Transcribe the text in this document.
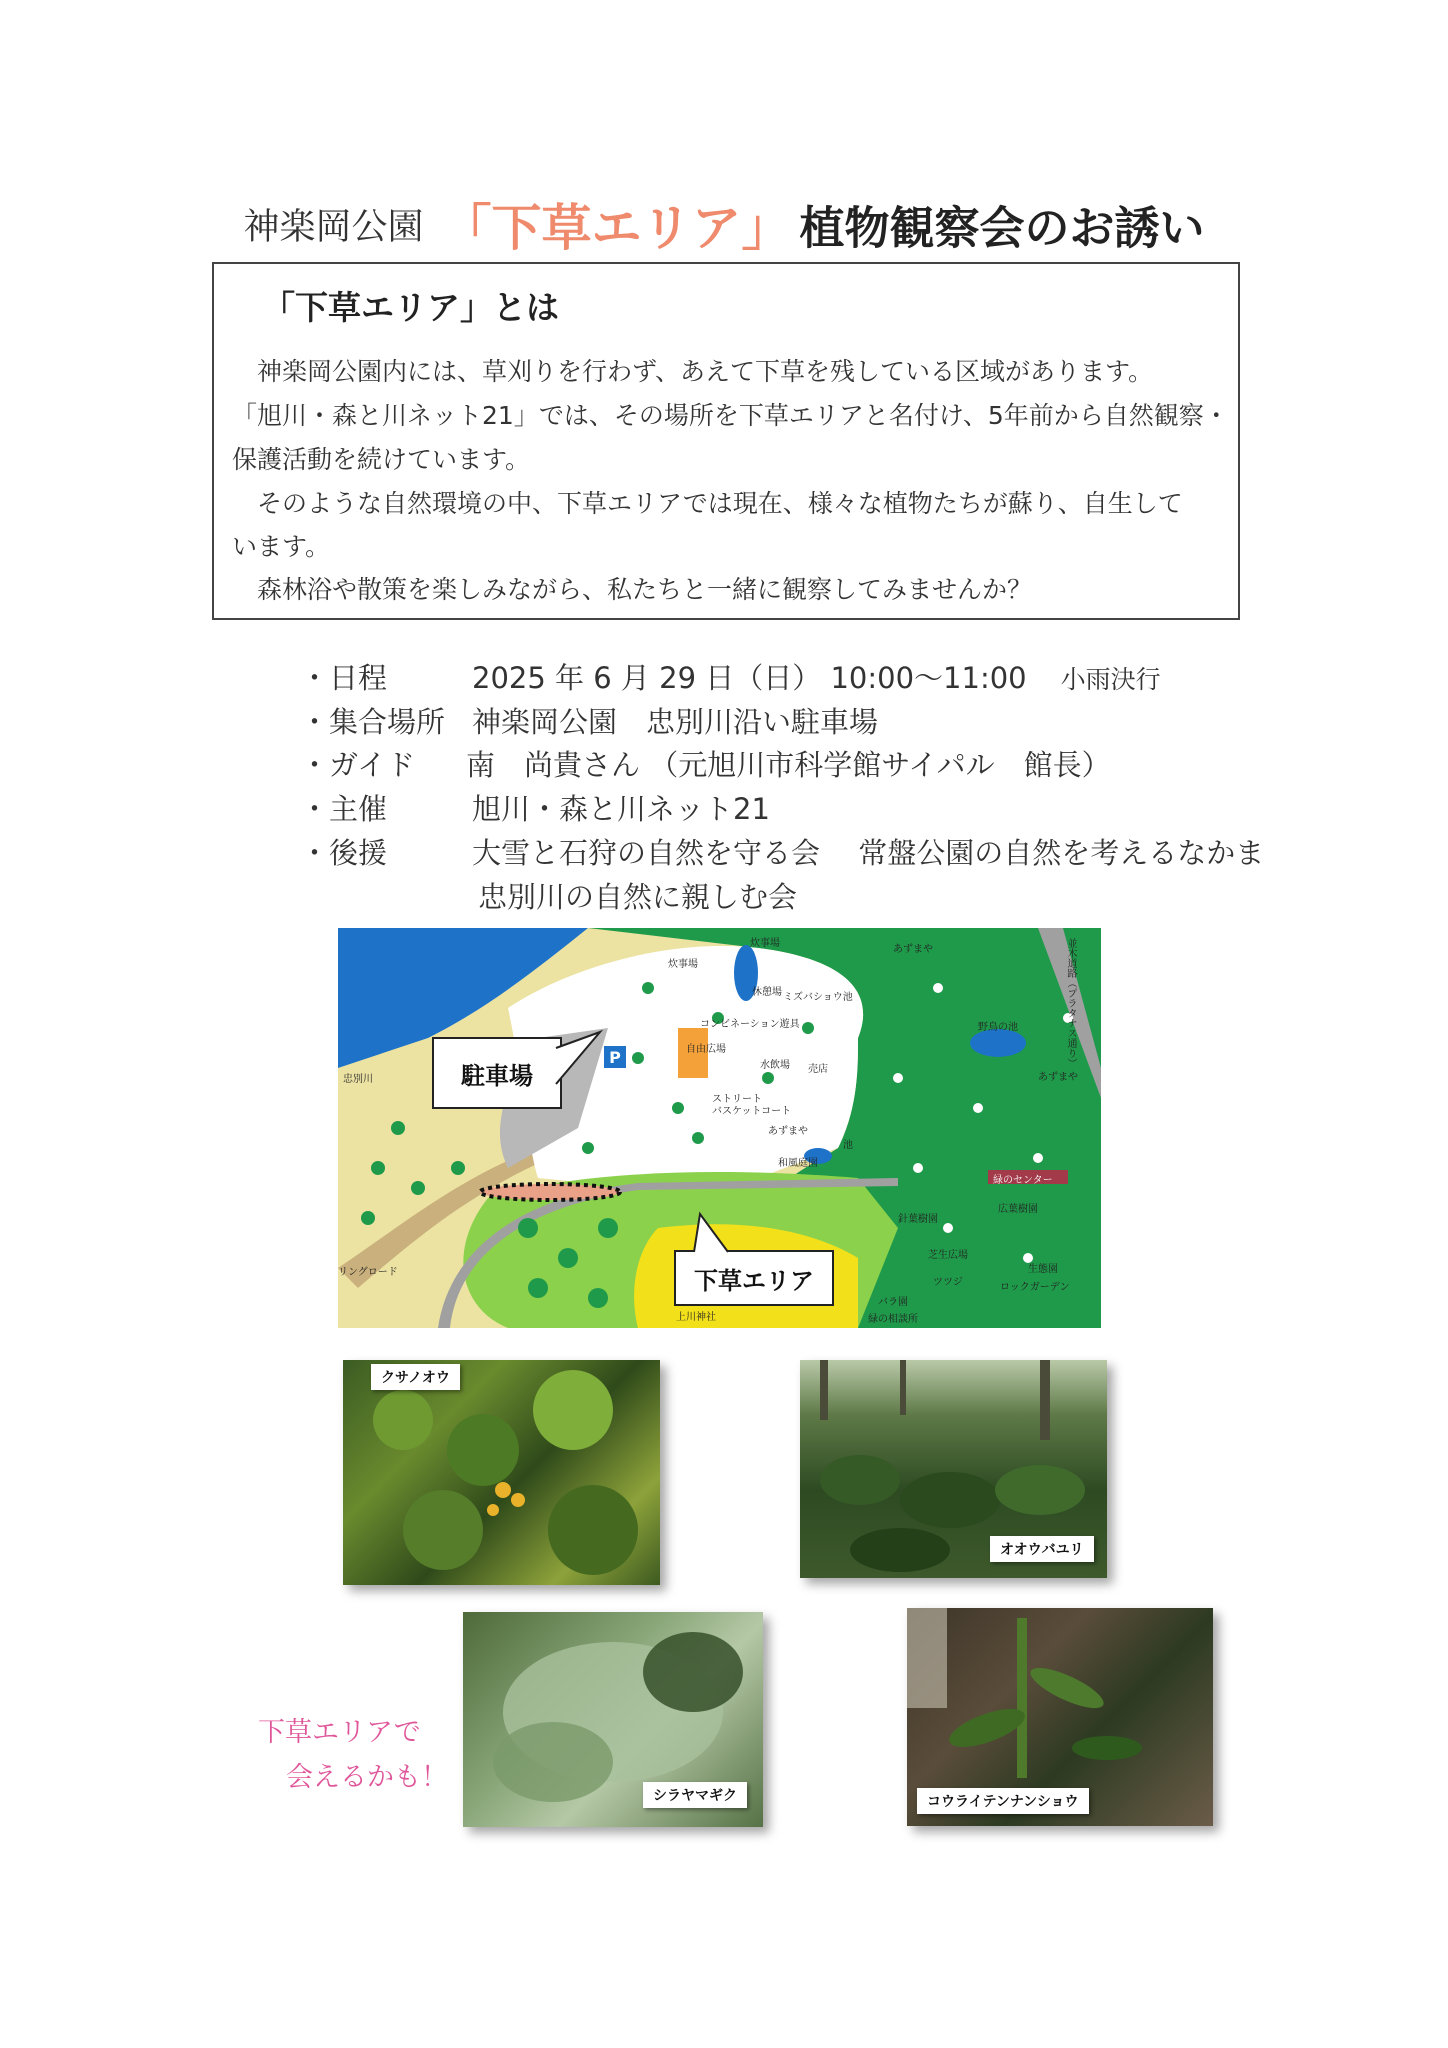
神楽岡公園 「下草エリア」 植物観察会のお誘い
「下草エリア」とは
　神楽岡公園内には、草刈りを行わず、あえて下草を残している区域があります。
「旭川・森と川ネット21」では、その場所を下草エリアと名付け、5年前から自然観察・
保護活動を続けています。
　そのような自然環境の中、下草エリアでは現在、様々な植物たちが蘇り、自生して
います。
　森林浴や散策を楽しみながら、私たちと一緒に観察してみませんか？
・日程	2025 年 6 月 29 日（日） 10:00～11:00 小雨決行
・集合場所 神楽岡公園　忠別川沿い駐車場
・ガイド 南　尚貴さん （元旭川市科学館サイパル　館長）
・主催	旭川・森と川ネット21
・後援	大雪と石狩の自然を守る会　 常盤公園の自然を考えるなかま
忠別川の自然に親しむ会
P
忠別川
リングロード
炊事場
炊事場
休憩場 ミズバショウ池
コンビネーション遊具
自由広場
水飲場
ストリート
バスケットコート
あずまや
あずまや
あずまや
池
和風庭園
売店
野鳥の池
緑のセンター
広葉樹園
針葉樹園
芝生広場
ツツジ
生態園
ロックガーデン
バラ園
緑の相談所
上川神社
並木道路（プラタナス通り）
駐車場
下草エリア
クサノオウ
オオウバユリ
シラヤマギク	コウライテンナンショウ
下草エリアで
会えるかも！
